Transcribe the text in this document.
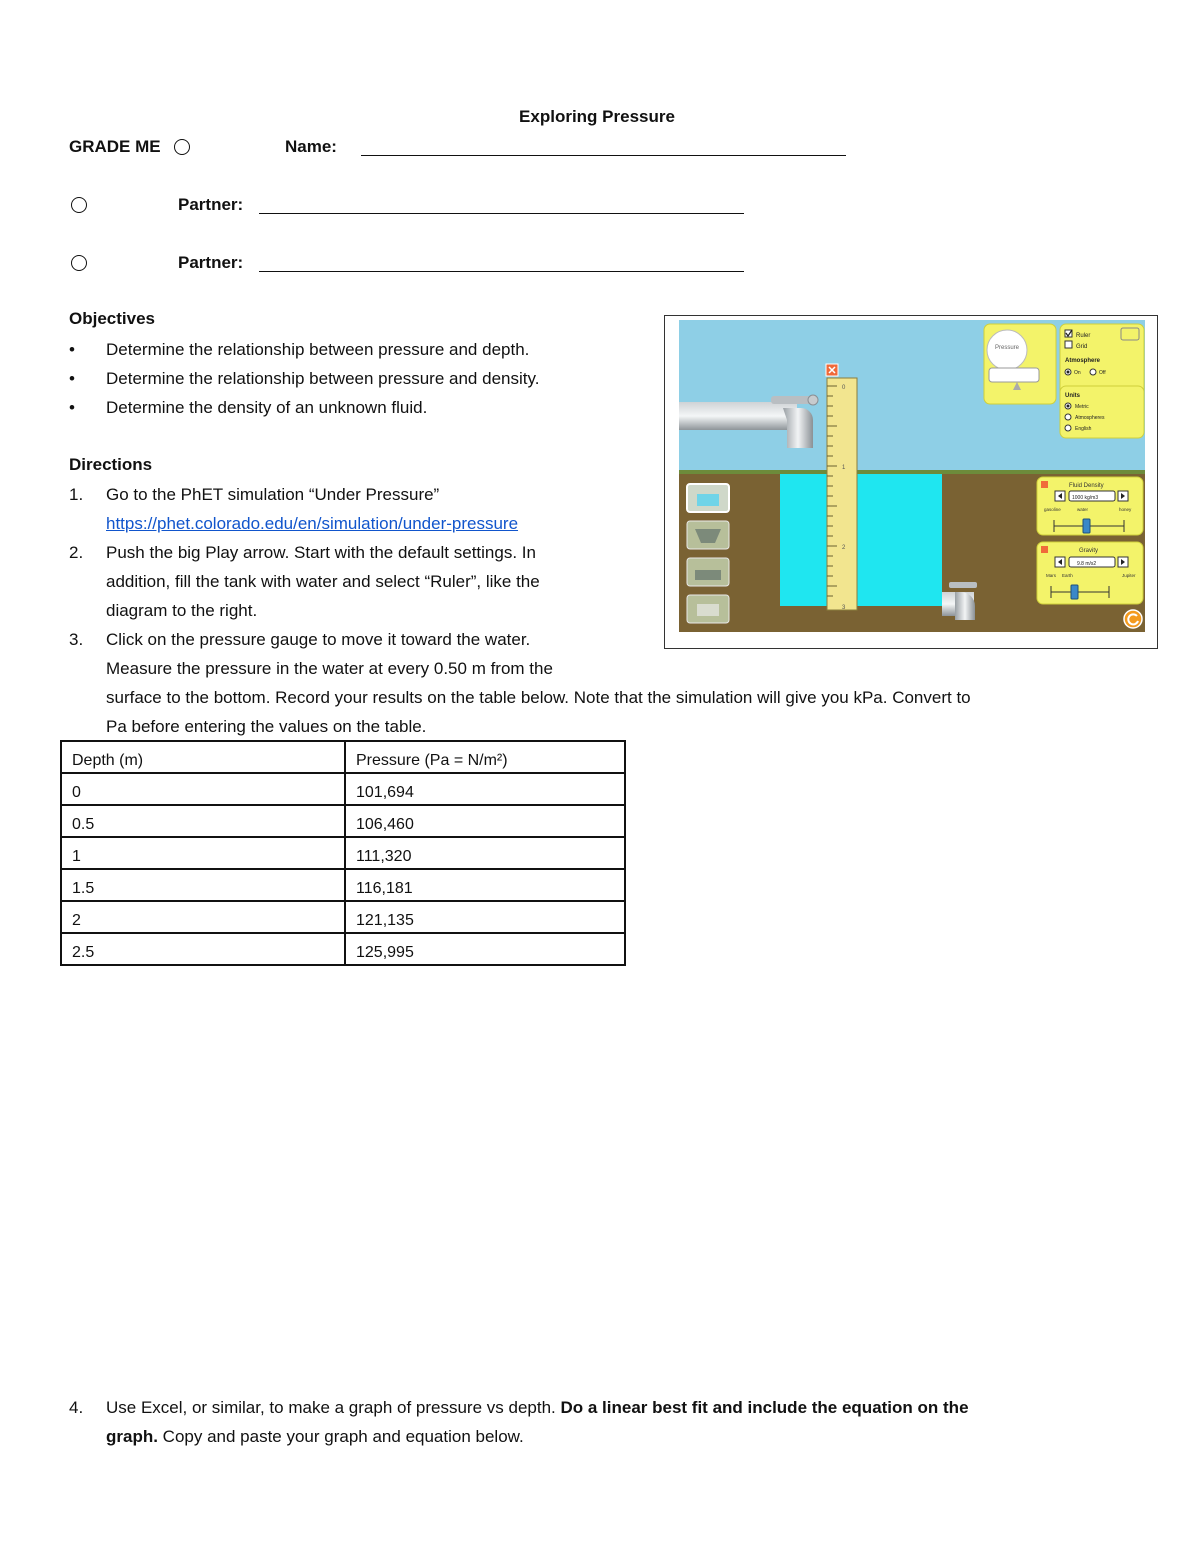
Exploring Pressure
GRADE ME	Name:
Partner:
Partner:
Objectives
• Determine the relationship between pressure and depth.
• Determine the relationship between pressure and density.
• Determine the density of an unknown fluid.
Directions
1. Go to the PhET simulation “Under Pressure”
https://phet.colorado.edu/en/simulation/under-pressure
2. Push the big Play arrow. Start with the default settings. In
addition, fill the tank with water and select “Ruler”, like the
diagram to the right.
3. Click on the pressure gauge to move it toward the water.
Measure the pressure in the water at every 0.50 m from the
surface to the bottom. Record your results on the table below. Note that the simulation will give you kPa. Convert to
Pa before entering the values on the table.
Depth (m)	Pressure (Pa = N/m²)
0	101,694
0.5	106,460
1	111,320
1.5	116,181
2	121,135
2.5	125,995
4. Use Excel, or similar, to make a graph of pressure vs depth. Do a linear best fit and include the equation on the
graph. Copy and paste your graph and equation below.
0
1
2
3
Pressure
Ruler
Grid
Atmosphere
On	Off
Units
Metric
Atmospheres
English
Fluid Density
1000 kg/m3
gasoline	water	honey
Gravity
9.8 m/s2
Mars Earth	Jupiter
